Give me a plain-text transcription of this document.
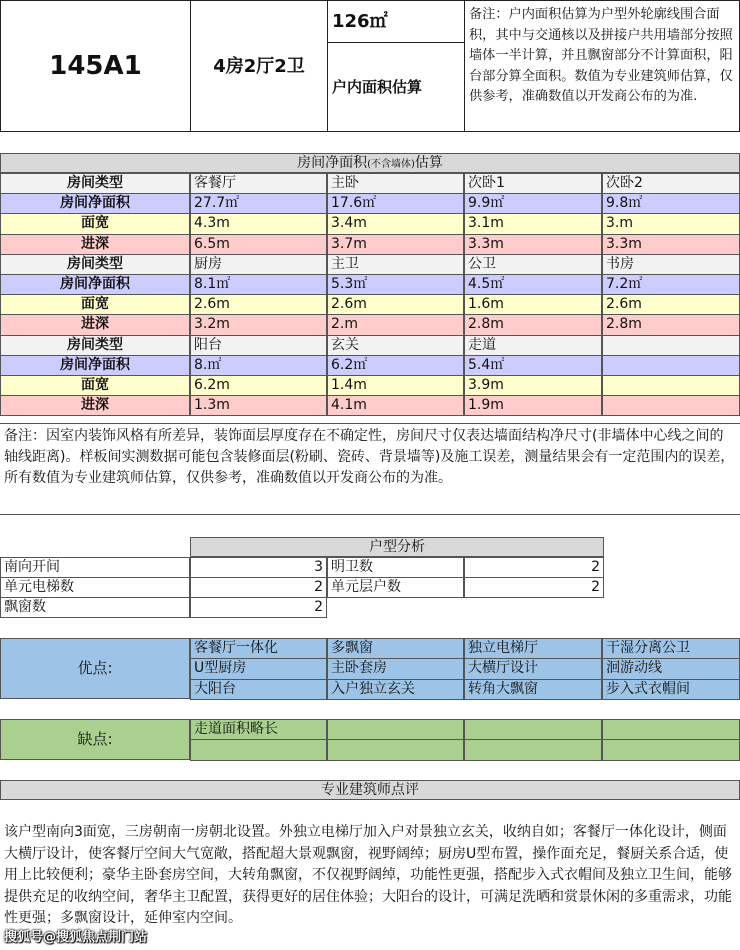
145A1	4房2厅2卫
126㎡
户内面积估算
备注：户内面积估算为户型外轮廓线围合面积，其中与交通核以及拼接户共用墙部分按照墙体一半计算，并且飘窗部分不计算面积，阳台部分算全面积。数值为专业建筑师估算，仅供参考，准确数值以开发商公布的为准.
房间净面积(不含墙体)估算
房间类型	客餐厅	主卧	次卧1	次卧2
房间净面积	27.7㎡	17.6㎡	9.9㎡	9.8㎡
面宽	4.3m	3.4m	3.1m	3.m
进深	6.5m	3.7m	3.3m	3.3m
房间类型	厨房	主卫	公卫	书房
房间净面积	8.1㎡	5.3㎡	4.5㎡	7.2㎡
面宽	2.6m	2.6m	1.6m	2.6m
进深	3.2m	2.m	2.8m	2.8m
房间类型	阳台	玄关	走道
房间净面积	8.㎡	6.2㎡	5.4㎡
面宽	6.2m	1.4m	3.9m
进深	1.3m	4.1m	1.9m
备注：因室内装饰风格有所差异，装饰面层厚度存在不确定性，房间尺寸仅表达墙面结构净尺寸(非墙体中心线之间的轴线距离)。样板间实测数据可能包含装修面层(粉刷、瓷砖、背景墙等)及施工误差，测量结果会有一定范围内的误差，所有数值为专业建筑师估算，仅供参考，准确数值以开发商公布的为准。
户型分析
南向开间	3 明卫数	2
单元电梯数	2 单元层户数	2
飘窗数	2
优点:
客餐厅一体化	多飘窗	独立电梯厅	干湿分离公卫
U型厨房	主卧套房	大横厅设计	洄游动线
大阳台	入户独立玄关	转角大飘窗	步入式衣帽间
缺点:
走道面积略长
专业建筑师点评
该户型南向3面宽，三房朝南一房朝北设置。外独立电梯厅加入户对景独立玄关，收纳自如；客餐厅一体化设计，侧面大横厅设计，使客餐厅空间大气宽敞，搭配超大景观飘窗，视野阔绰；厨房U型布置，操作面充足，餐厨关系合适，使用上比较便利；豪华主卧套房空间，大转角飘窗，不仅视野阔绰，功能性更强，搭配步入式衣帽间及独立卫生间，能够提供充足的收纳空间，奢华主卫配置，获得更好的居住体验；大阳台的设计，可满足洗晒和赏景休闲的多重需求，功能性更强；多飘窗设计，延伸室内空间。
搜狐号@搜狐焦点荆门站
